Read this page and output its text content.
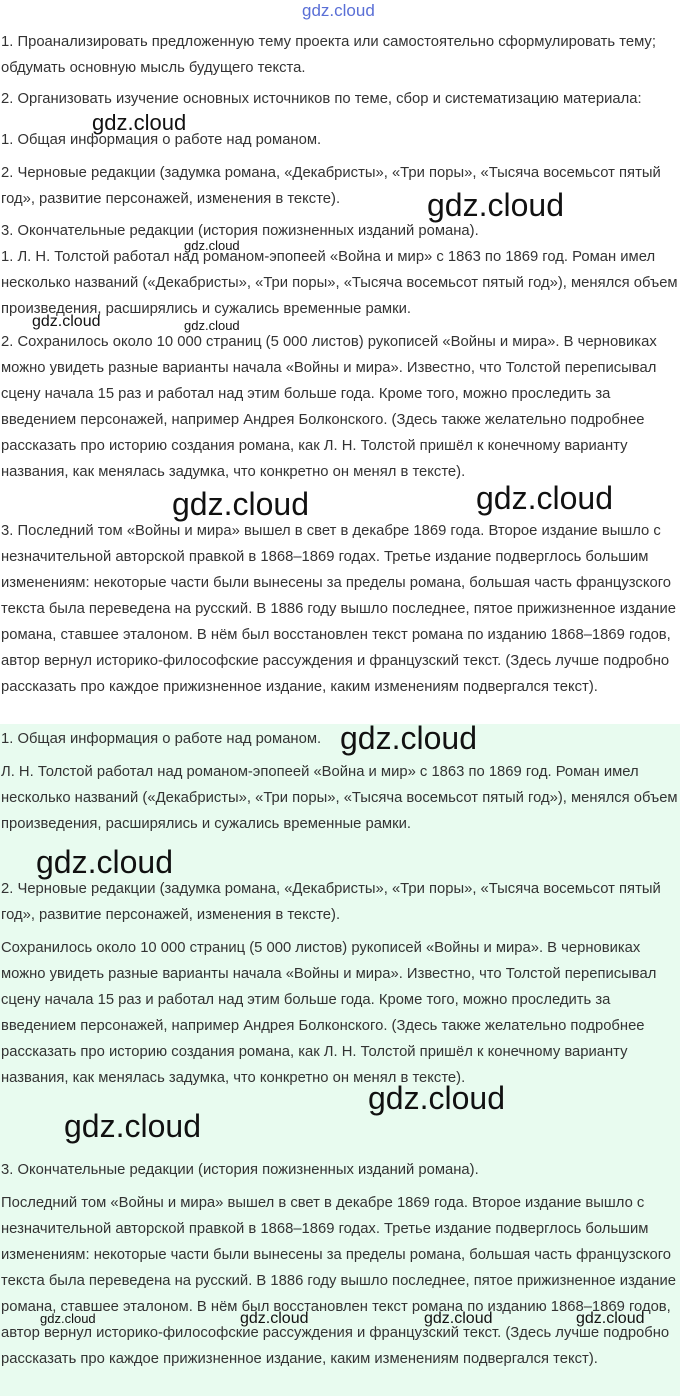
gdz.cloud
1. Проанализировать предложенную тему проекта или самостоятельно сформулировать тему; обдумать основную мысль будущего текста.
2. Организовать изучение основных источников по теме, сбор и систематизацию материала:
1. Общая информация о работе над романом.
2. Черновые редакции (задумка романа, «Декабристы», «Три поры», «Тысяча восемьсот пятый год», развитие персонажей, изменения в тексте).
3. Окончательные редакции (история пожизненных изданий романа).
1. Л. Н. Толстой работал над романом-эпопеей «Война и мир» с 1863 по 1869 год. Роман имел несколько названий («Декабристы», «Три поры», «Тысяча восемьсот пятый год»), менялся объем произведения, расширялись и сужались временные рамки.
2. Сохранилось около 10 000 страниц (5 000 листов) рукописей «Войны и мира». В черновиках можно увидеть разные варианты начала «Войны и мира». Известно, что Толстой переписывал сцену начала 15 раз и работал над этим больше года. Кроме того, можно проследить за введением персонажей, например Андрея Болконского. (Здесь также желательно подробнее рассказать про историю создания романа, как Л. Н. Толстой пришёл к конечному варианту названия, как менялась задумка, что конкретно он менял в тексте).
3. Последний том «Войны и мира» вышел в свет в декабре 1869 года. Второе издание вышло с незначительной авторской правкой в 1868–1869 годах. Третье издание подверглось большим изменениям: некоторые части были вынесены за пределы романа, большая часть французского текста была переведена на русский. В 1886 году вышло последнее, пятое прижизненное издание романа, ставшее эталоном. В нём был восстановлен текст романа по изданию 1868–1869 годов, автор вернул историко-философские рассуждения и французский текст. (Здесь лучше подробно рассказать про каждое прижизненное издание, каким изменениям подвергался текст).
1. Общая информация о работе над романом.
Л. Н. Толстой работал над романом-эпопеей «Война и мир» с 1863 по 1869 год. Роман имел несколько названий («Декабристы», «Три поры», «Тысяча восемьсот пятый год»), менялся объем произведения, расширялись и сужались временные рамки.
2. Черновые редакции (задумка романа, «Декабристы», «Три поры», «Тысяча восемьсот пятый год», развитие персонажей, изменения в тексте).
Сохранилось около 10 000 страниц (5 000 листов) рукописей «Войны и мира». В черновиках можно увидеть разные варианты начала «Войны и мира». Известно, что Толстой переписывал сцену начала 15 раз и работал над этим больше года. Кроме того, можно проследить за введением персонажей, например Андрея Болконского. (Здесь также желательно подробнее рассказать про историю создания романа, как Л. Н. Толстой пришёл к конечному варианту названия, как менялась задумка, что конкретно он менял в тексте).
3. Окончательные редакции (история пожизненных изданий романа).
Последний том «Войны и мира» вышел в свет в декабре 1869 года. Второе издание вышло с незначительной авторской правкой в 1868–1869 годах. Третье издание подверглось большим изменениям: некоторые части были вынесены за пределы романа, большая часть французского текста была переведена на русский. В 1886 году вышло последнее, пятое прижизненное издание романа, ставшее эталоном. В нём был восстановлен текст романа по изданию 1868–1869 годов, автор вернул историко-философские рассуждения и французский текст. (Здесь лучше подробно рассказать про каждое прижизненное издание, каким изменениям подвергался текст).
gdz.cloud
gdz.cloud
gdz.cloud
gdz.cloud	gdz.cloud
gdz.cloud	gdz.cloud
gdz.cloud
gdz.cloud
gdz.cloud
gdz.cloud
gdz.cloud	gdz.cloud	gdz.cloud	gdz.cloud
